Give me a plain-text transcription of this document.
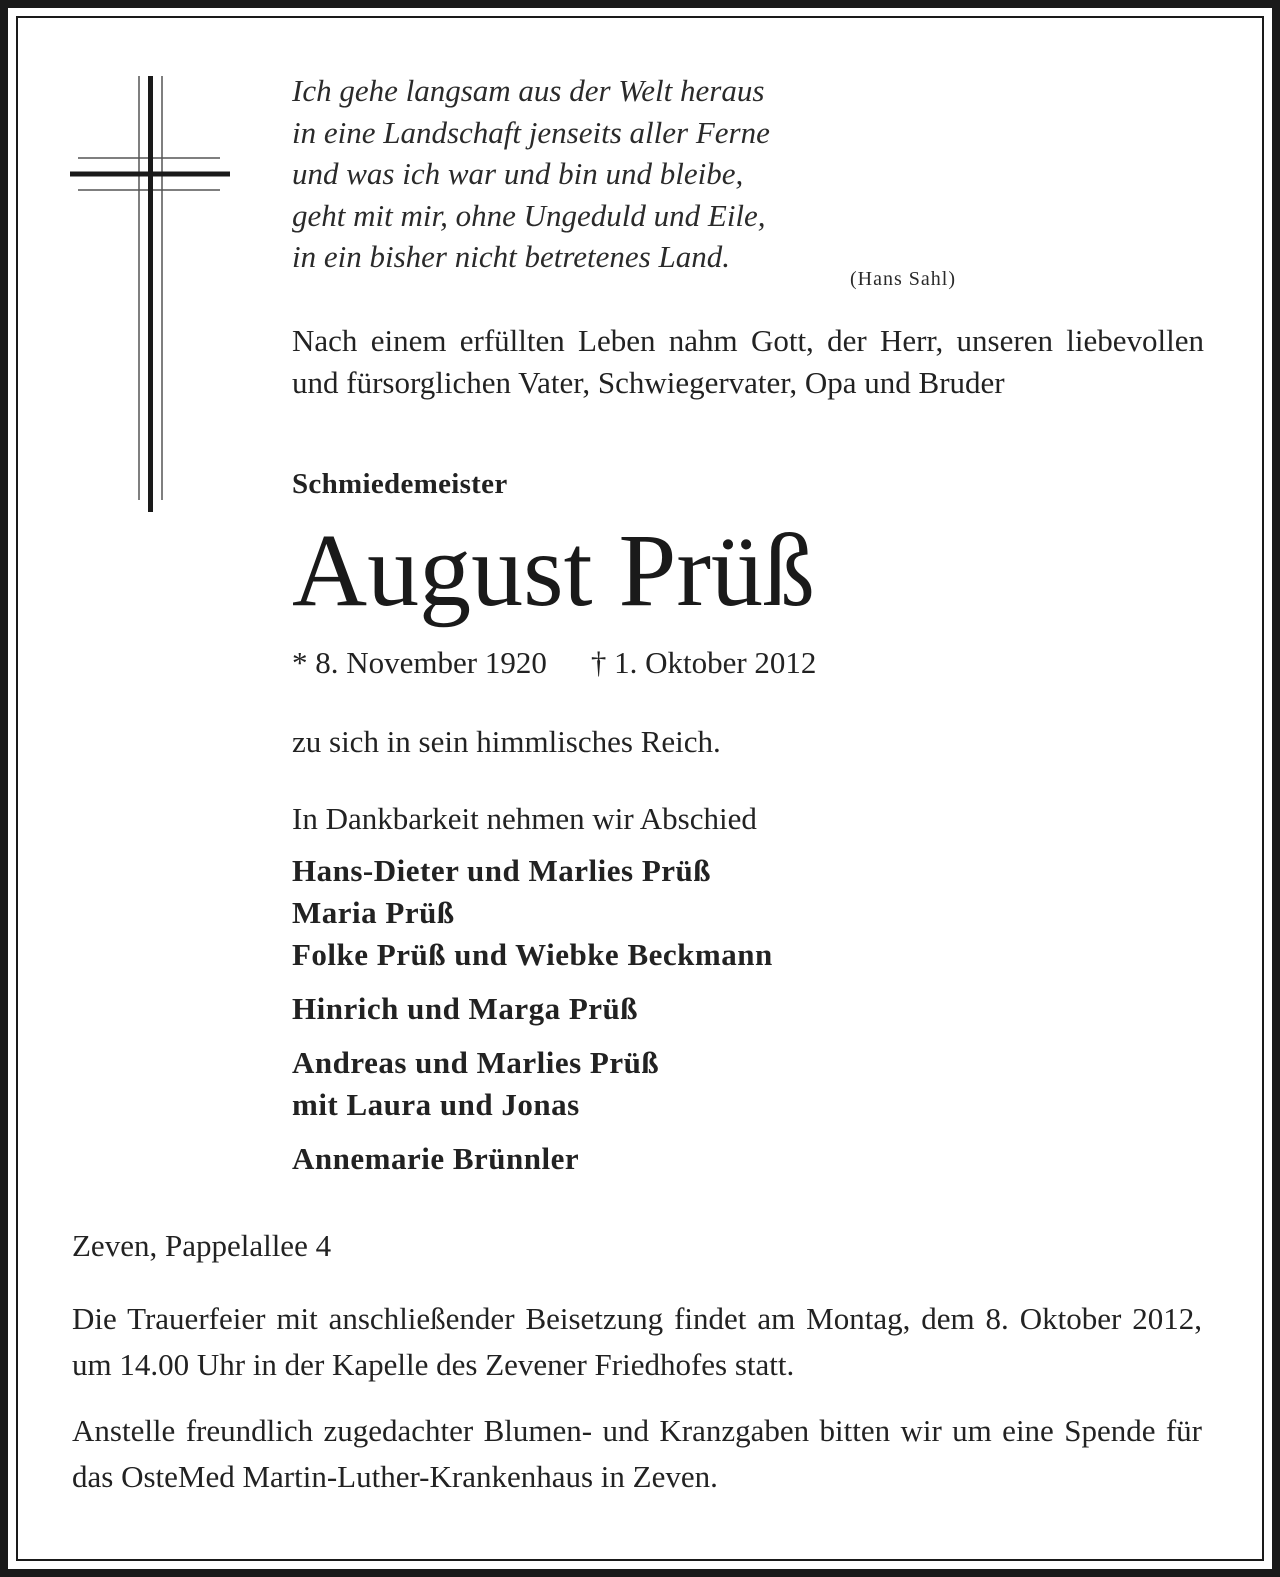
Ich gehe langsam aus der Welt heraus
in eine Landschaft jenseits aller Ferne
und was ich war und bin und bleibe,
geht mit mir, ohne Ungeduld und Eile,
in ein bisher nicht betretenes Land.
(Hans Sahl)
Nach einem erfüllten Leben nahm Gott, der Herr, unseren liebevollen und fürsorglichen Vater, Schwiegervater, Opa und Bruder
Schmiedemeister
August Prüß
* 8. November 1920 † 1. Oktober 2012
zu sich in sein himmlisches Reich.
In Dankbarkeit nehmen wir Abschied
Hans-Dieter und Marlies Prüß
Maria Prüß
Folke Prüß und Wiebke Beckmann
Hinrich und Marga Prüß
Andreas und Marlies Prüß
mit Laura und Jonas
Annemarie Brünnler
Zeven, Pappelallee 4
Die Trauerfeier mit anschließender Beisetzung findet am Montag, dem 8. Oktober 2012, um 14.00 Uhr in der Kapelle des Zevener Friedhofes statt.
Anstelle freundlich zugedachter Blumen- und Kranzgaben bitten wir um eine Spende für das OsteMed Martin-Luther-Krankenhaus in Zeven.
